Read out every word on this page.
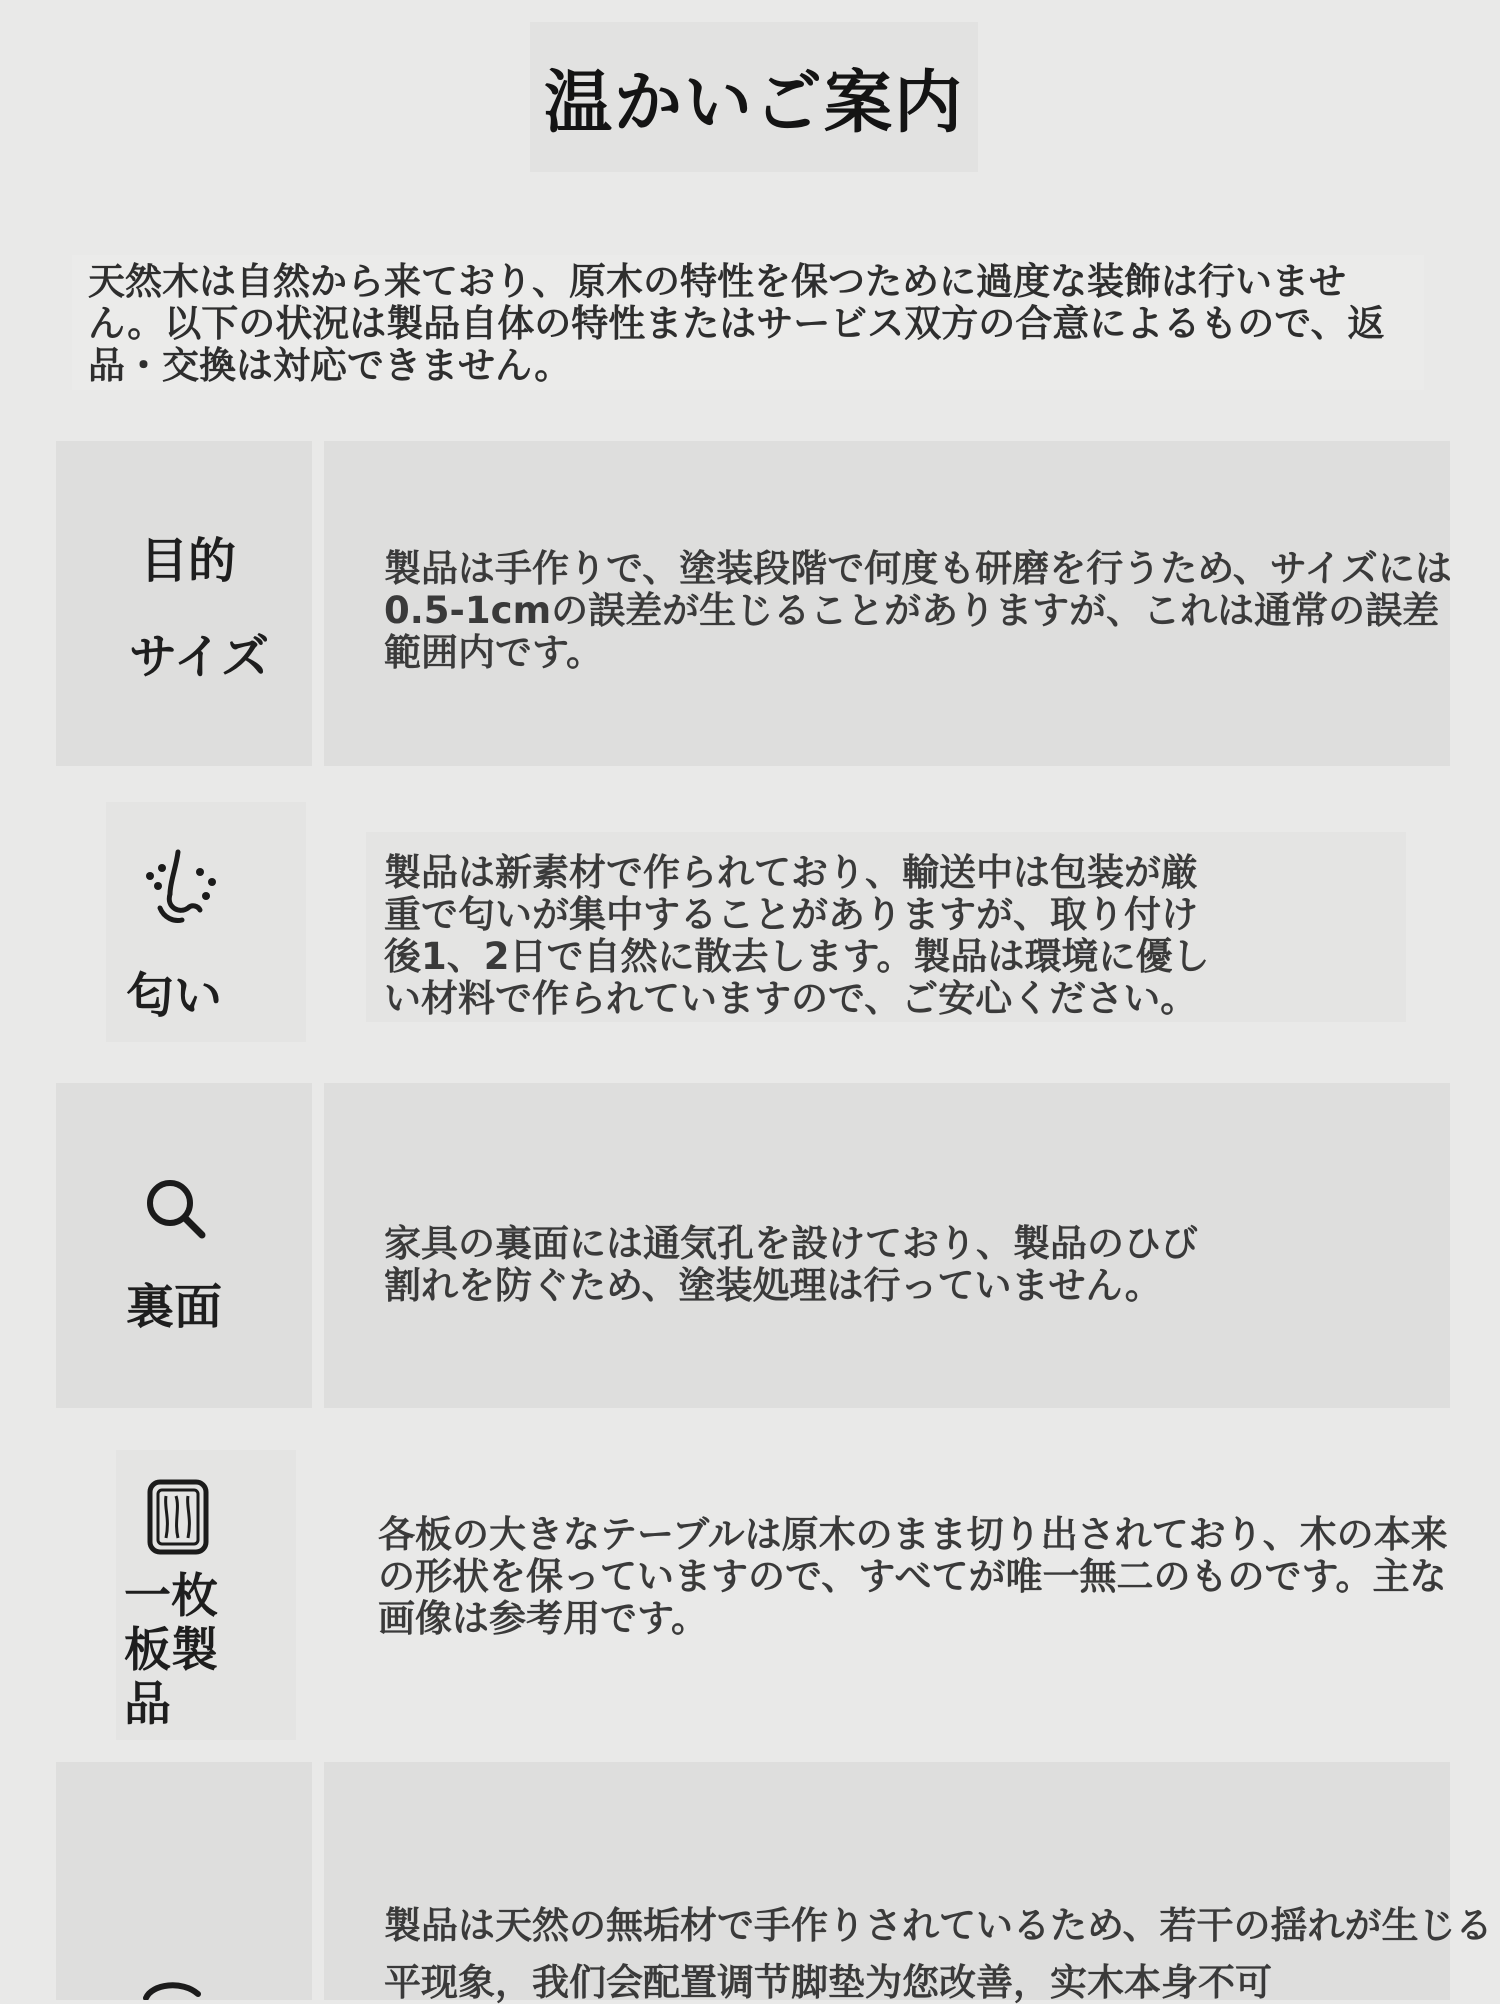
温かいご案内

天然木は自然から来ており、原木の特性を保つために過度な装飾は行いません。以下の状況は製品自体の特性またはサービス双方の合意によるもので、返品・交換は対応できません。

目的
サイズ

製品は手作りで、塗装段階で何度も研磨を行うため、サイズには0.5-1cmの誤差が生じることがありますが、これは通常の誤差範囲内です。

匂い

製品は新素材で作られており、輸送中は包装が厳重で匂いが集中することがありますが、取り付け後1、2日で自然に散去します。製品は環境に優しい材料で作られていますので、ご安心ください。

裏面

家具の裏面には通気孔を設けており、製品のひび割れを防ぐため、塗装処理は行っていません。

一枚板製品

各板の大きなテーブルは原木のまま切り出されており、木の本来の形状を保っていますので、すべてが唯一無二のものです。主な画像は参考用です。

製品は天然の無垢材で手作りされているため、若干の揺れが生じる

平现象，我们会配置调节脚垫为您改善，实木本身不可
